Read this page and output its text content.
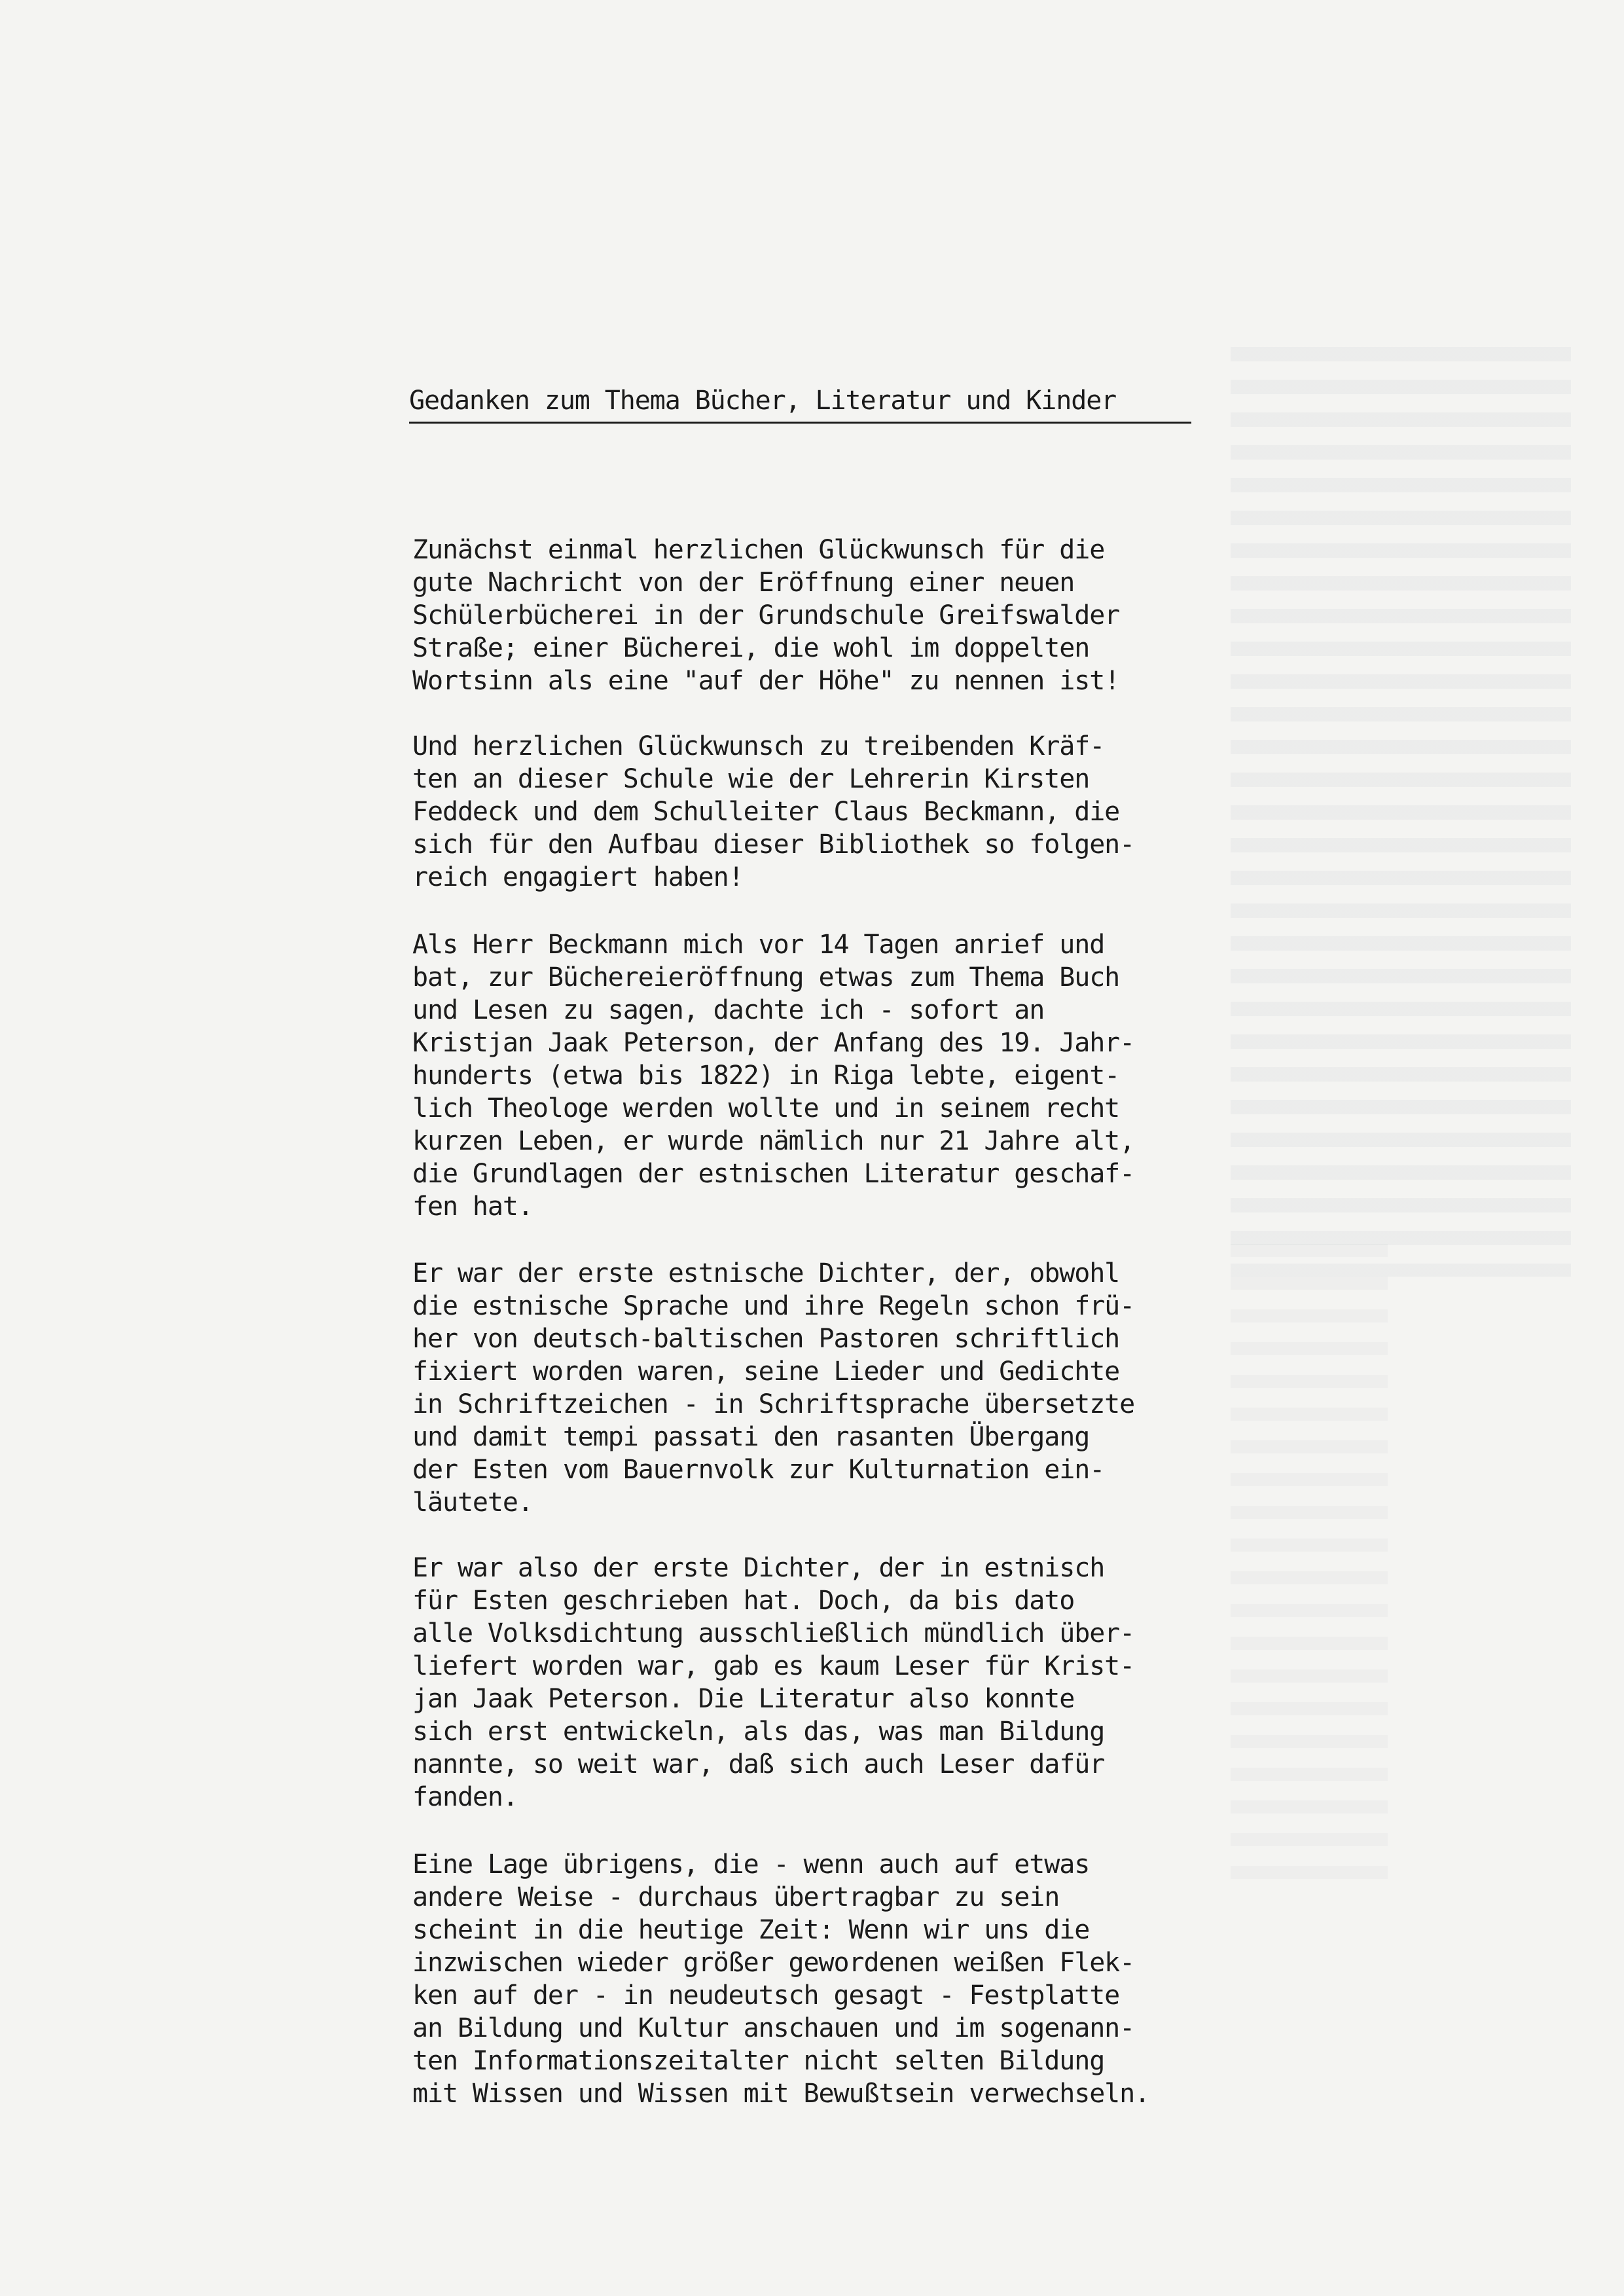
Gedanken zum Thema Bücher, Literatur und Kinder

Zunächst einmal herzlichen Glückwunsch für die
gute Nachricht von der Eröffnung einer neuen
Schülerbücherei in der Grundschule Greifswalder
Straße; einer Bücherei, die wohl im doppelten
Wortsinn als eine "auf der Höhe" zu nennen ist!

Und herzlichen Glückwunsch zu treibenden Kräf-
ten an dieser Schule wie der Lehrerin Kirsten
Feddeck und dem Schulleiter Claus Beckmann, die
sich für den Aufbau dieser Bibliothek so folgen-
reich engagiert haben!

Als Herr Beckmann mich vor 14 Tagen anrief und
bat, zur Büchereieröffnung etwas zum Thema Buch
und Lesen zu sagen, dachte ich - sofort an
Kristjan Jaak Peterson, der Anfang des 19. Jahr-
hunderts (etwa bis 1822) in Riga lebte, eigent-
lich Theologe werden wollte und in seinem recht
kurzen Leben, er wurde nämlich nur 21 Jahre alt,
die Grundlagen der estnischen Literatur geschaf-
fen hat.

Er war der erste estnische Dichter, der, obwohl
die estnische Sprache und ihre Regeln schon frü-
her von deutsch-baltischen Pastoren schriftlich
fixiert worden waren, seine Lieder und Gedichte
in Schriftzeichen - in Schriftsprache übersetzte
und damit tempi passati den rasanten Übergang
der Esten vom Bauernvolk zur Kulturnation ein-
läutete.

Er war also der erste Dichter, der in estnisch
für Esten geschrieben hat. Doch, da bis dato
alle Volksdichtung ausschließlich mündlich über-
liefert worden war, gab es kaum Leser für Krist-
jan Jaak Peterson. Die Literatur also konnte
sich erst entwickeln, als das, was man Bildung
nannte, so weit war, daß sich auch Leser dafür
fanden.

Eine Lage übrigens, die - wenn auch auf etwas
andere Weise - durchaus übertragbar zu sein
scheint in die heutige Zeit: Wenn wir uns die
inzwischen wieder größer gewordenen weißen Flek-
ken auf der - in neudeutsch gesagt - Festplatte
an Bildung und Kultur anschauen und im sogenann-
ten Informationszeitalter nicht selten Bildung
mit Wissen und Wissen mit Bewußtsein verwechseln.
